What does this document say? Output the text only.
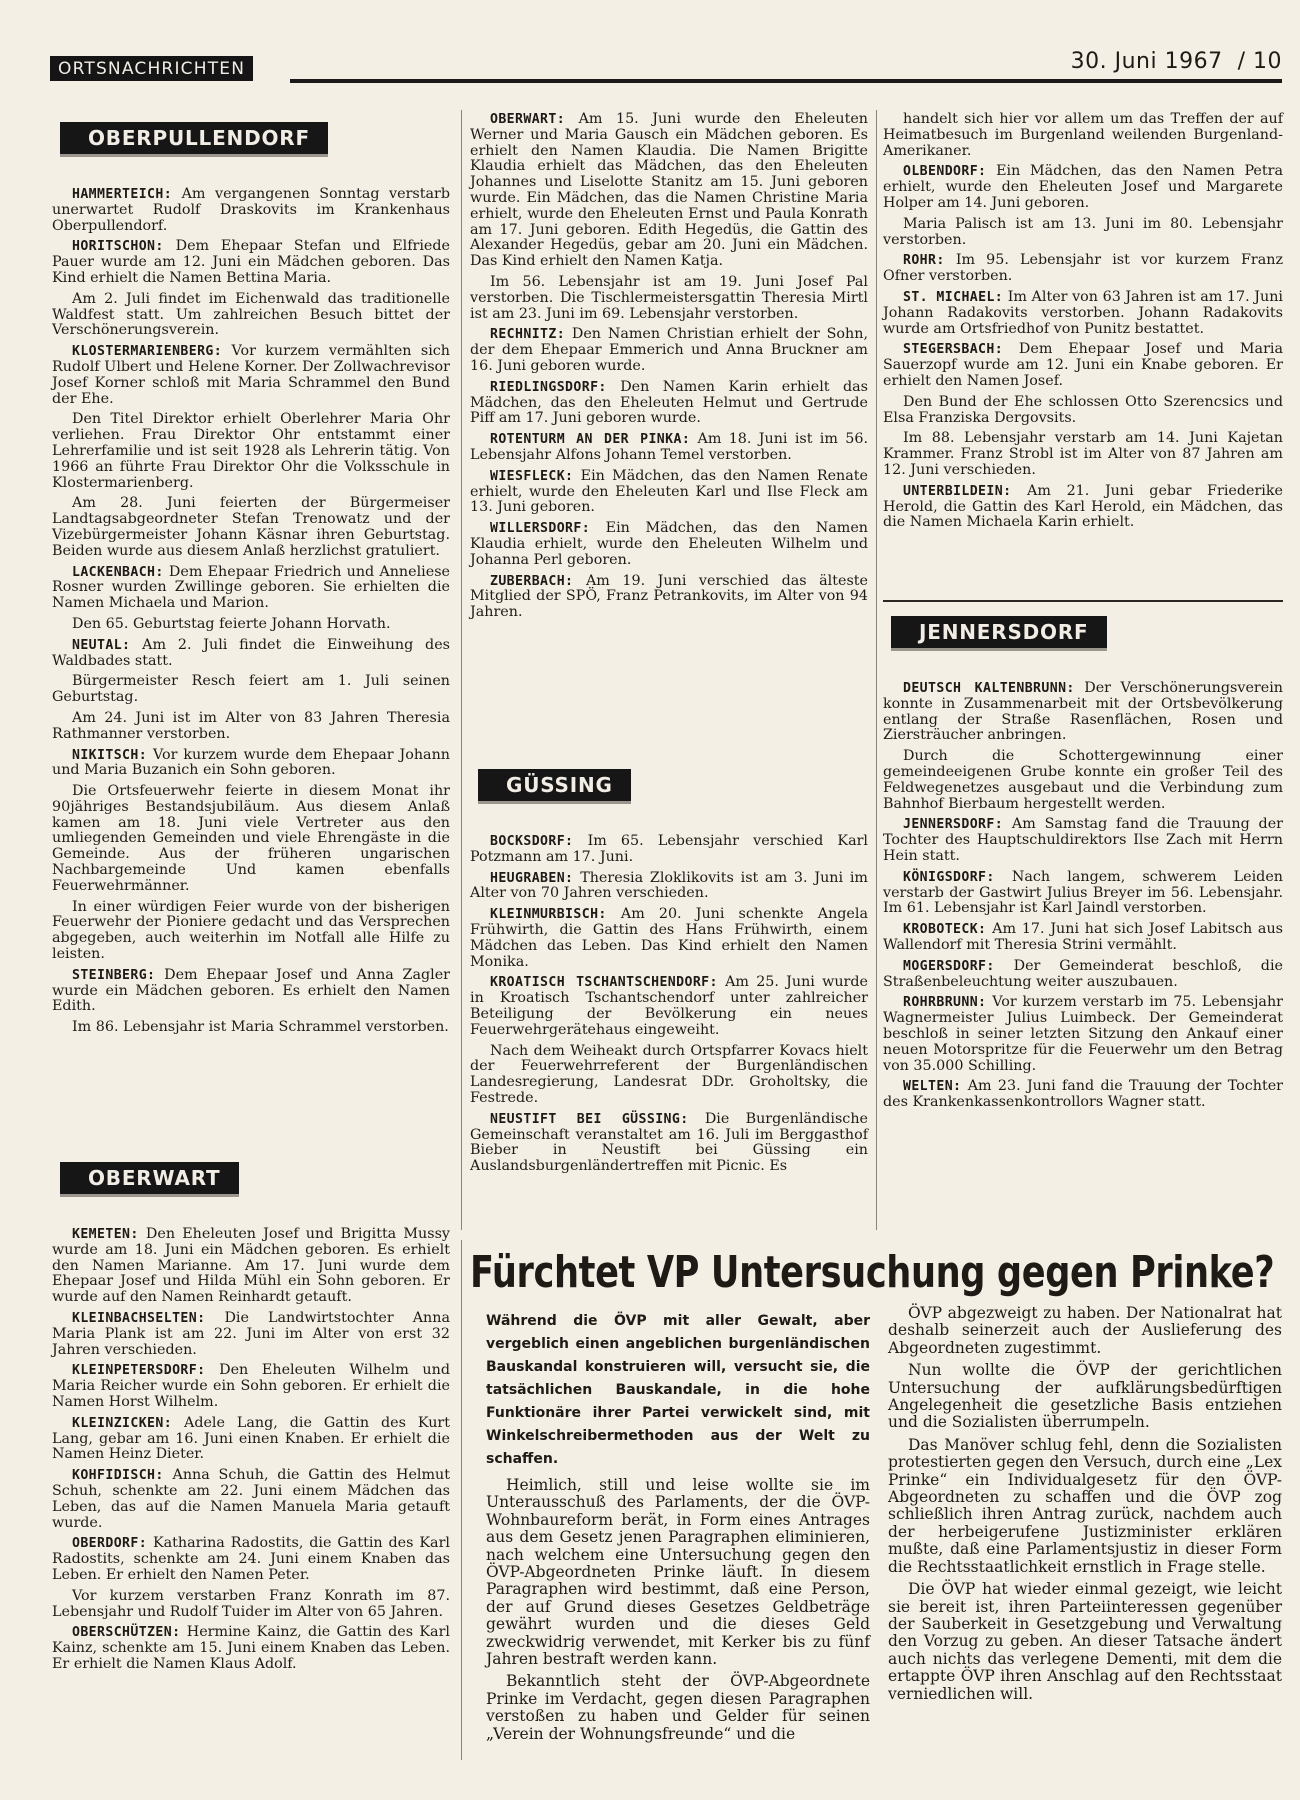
ORTSNACHRICHTEN	30. Juni 1967 / 10
OBERPULLENDORF

HAMMERTEICH: Am vergangenen Sonntag verstarb unerwartet Rudolf Draskovits im Krankenhaus Oberpullendorf.

HORITSCHON: Dem Ehepaar Stefan und Elfriede Pauer wurde am 12. Juni ein Mädchen geboren. Das Kind erhielt die Namen Bettina Maria.

Am 2. Juli findet im Eichenwald das traditionelle Waldfest statt. Um zahlreichen Besuch bittet der Verschönerungsverein.

KLOSTERMARIENBERG: Vor kurzem vermählten sich Rudolf Ulbert und Helene Korner. Der Zollwachrevisor Josef Korner schloß mit Maria Schrammel den Bund der Ehe.

Den Titel Direktor erhielt Oberlehrer Maria Ohr verliehen. Frau Direktor Ohr entstammt einer Lehrerfamilie und ist seit 1928 als Lehrerin tätig. Von 1966 an führte Frau Direktor Ohr die Volksschule in Klostermarienberg.

Am 28. Juni feierten der Bürgermeiser Landtagsabgeordneter Stefan Trenowatz und der Vizebürgermeister Johann Käsnar ihren Geburtstag. Beiden wurde aus diesem Anlaß herzlichst gratuliert.

LACKENBACH: Dem Ehepaar Friedrich und Anneliese Rosner wurden Zwillinge geboren. Sie erhielten die Namen Michaela und Marion.

Den 65. Geburtstag feierte Johann Horvath.

NEUTAL: Am 2. Juli findet die Einweihung des Waldbades statt.

Bürgermeister Resch feiert am 1. Juli seinen Geburtstag.

Am 24. Juni ist im Alter von 83 Jahren Theresia Rathmanner verstorben.

NIKITSCH: Vor kurzem wurde dem Ehepaar Johann und Maria Buzanich ein Sohn geboren.

Die Ortsfeuerwehr feierte in diesem Monat ihr 90jähriges Bestandsjubiläum. Aus diesem Anlaß kamen am 18. Juni viele Vertreter aus den umliegenden Gemeinden und viele Ehrengäste in die Gemeinde. Aus der früheren ungarischen Nachbargemeinde Und kamen ebenfalls Feuerwehrmänner.

In einer würdigen Feier wurde von der bisherigen Feuerwehr der Pioniere gedacht und das Versprechen abgegeben, auch weiterhin im Notfall alle Hilfe zu leisten.

STEINBERG: Dem Ehepaar Josef und Anna Zagler wurde ein Mädchen geboren. Es erhielt den Namen Edith.

Im 86. Lebensjahr ist Maria Schrammel verstorben.

OBERWART

KEMETEN: Den Eheleuten Josef und Brigitta Mussy wurde am 18. Juni ein Mädchen geboren. Es erhielt den Namen Marianne. Am 17. Juni wurde dem Ehepaar Josef und Hilda Mühl ein Sohn geboren. Er wurde auf den Namen Reinhardt getauft.

KLEINBACHSELTEN: Die Landwirtstochter Anna Maria Plank ist am 22. Juni im Alter von erst 32 Jahren verschieden.

KLEINPETERSDORF: Den Eheleuten Wilhelm und Maria Reicher wurde ein Sohn geboren. Er erhielt die Namen Horst Wilhelm.

KLEINZICKEN: Adele Lang, die Gattin des Kurt Lang, gebar am 16. Juni einen Knaben. Er erhielt die Namen Heinz Dieter.

KOHFIDISCH: Anna Schuh, die Gattin des Helmut Schuh, schenkte am 22. Juni einem Mädchen das Leben, das auf die Namen Manuela Maria getauft wurde.

OBERDORF: Katharina Radostits, die Gattin des Karl Radostits, schenkte am 24. Juni einem Knaben das Leben. Er erhielt den Namen Peter.

Vor kurzem verstarben Franz Konrath im 87. Lebensjahr und Rudolf Tuider im Alter von 65 Jahren.

OBERSCHÜTZEN: Hermine Kainz, die Gattin des Karl Kainz, schenkte am 15. Juni einem Knaben das Leben. Er erhielt die Namen Klaus Adolf.

OBERWART: Am 15. Juni wurde den Eheleuten Werner und Maria Gausch ein Mädchen geboren. Es erhielt den Namen Klaudia. Die Namen Brigitte Klaudia erhielt das Mädchen, das den Eheleuten Johannes und Liselotte Stanitz am 15. Juni geboren wurde. Ein Mädchen, das die Namen Christine Maria erhielt, wurde den Eheleuten Ernst und Paula Konrath am 17. Juni geboren. Edith Hegedüs, die Gattin des Alexander Hegedüs, gebar am 20. Juni ein Mädchen. Das Kind erhielt den Namen Katja.

Im 56. Lebensjahr ist am 19. Juni Josef Pal verstorben. Die Tischlermeistersgattin Theresia Mirtl ist am 23. Juni im 69. Lebensjahr verstorben.

RECHNITZ: Den Namen Christian erhielt der Sohn, der dem Ehepaar Emmerich und Anna Bruckner am 16. Juni geboren wurde.

RIEDLINGSDORF: Den Namen Karin erhielt das Mädchen, das den Eheleuten Helmut und Gertrude Piff am 17. Juni geboren wurde.

ROTENTURM AN DER PINKA: Am 18. Juni ist im 56. Lebensjahr Alfons Johann Temel verstorben.

WIESFLECK: Ein Mädchen, das den Namen Renate erhielt, wurde den Eheleuten Karl und Ilse Fleck am 13. Juni geboren.

WILLERSDORF: Ein Mädchen, das den Namen Klaudia erhielt, wurde den Eheleuten Wilhelm und Johanna Perl geboren.

ZUBERBACH: Am 19. Juni verschied das älteste Mitglied der SPÖ, Franz Petrankovits, im Alter von 94 Jahren.

GÜSSING

BOCKSDORF: Im 65. Lebensjahr verschied Karl Potzmann am 17. Juni.

HEUGRABEN: Theresia Zloklikovits ist am 3. Juni im Alter von 70 Jahren verschieden.

KLEINMURBISCH: Am 20. Juni schenkte Angela Frühwirth, die Gattin des Hans Frühwirth, einem Mädchen das Leben. Das Kind erhielt den Namen Monika.

KROATISCH TSCHANTSCHENDORF: Am 25. Juni wurde in Kroatisch Tschantschendorf unter zahlreicher Beteiligung der Bevölkerung ein neues Feuerwehrgerätehaus eingeweiht.

Nach dem Weiheakt durch Ortspfarrer Kovacs hielt der Feuerwehrreferent der Burgenländischen Landesregierung, Landesrat DDr. Groholtsky, die Festrede.

NEUSTIFT BEI GÜSSING: Die Burgenländische Gemeinschaft veranstaltet am 16. Juli im Berggasthof Bieber in Neustift bei Güssing ein Auslandsburgenländertreffen mit Picnic. Es

handelt sich hier vor allem um das Treffen der auf Heimatbesuch im Burgenland weilenden Burgenland-Amerikaner.

OLBENDORF: Ein Mädchen, das den Namen Petra erhielt, wurde den Eheleuten Josef und Margarete Holper am 14. Juni geboren.

Maria Palisch ist am 13. Juni im 80. Lebensjahr verstorben.

ROHR: Im 95. Lebensjahr ist vor kurzem Franz Ofner verstorben.

ST. MICHAEL: Im Alter von 63 Jahren ist am 17. Juni Johann Radakovits verstorben. Johann Radakovits wurde am Ortsfriedhof von Punitz bestattet.

STEGERSBACH: Dem Ehepaar Josef und Maria Sauerzopf wurde am 12. Juni ein Knabe geboren. Er erhielt den Namen Josef.

Den Bund der Ehe schlossen Otto Szerencsics und Elsa Franziska Dergovsits.

Im 88. Lebensjahr verstarb am 14. Juni Kajetan Krammer. Franz Strobl ist im Alter von 87 Jahren am 12. Juni verschieden.

UNTERBILDEIN: Am 21. Juni gebar Friederike Herold, die Gattin des Karl Herold, ein Mädchen, das die Namen Michaela Karin erhielt.

JENNERSDORF

DEUTSCH KALTENBRUNN: Der Verschönerungsverein konnte in Zusammenarbeit mit der Ortsbevölkerung entlang der Straße Rasenflächen, Rosen und Ziersträucher anbringen.

Durch die Schottergewinnung einer gemeindeeigenen Grube konnte ein großer Teil des Feldwegenetzes ausgebaut und die Verbindung zum Bahnhof Bierbaum hergestellt werden.

JENNERSDORF: Am Samstag fand die Trauung der Tochter des Hauptschuldirektors Ilse Zach mit Herrn Hein statt.

KÖNIGSDORF: Nach langem, schwerem Leiden verstarb der Gastwirt Julius Breyer im 56. Lebensjahr. Im 61. Lebensjahr ist Karl Jaindl verstorben.

KROBOTECK: Am 17. Juni hat sich Josef Labitsch aus Wallendorf mit Theresia Strini vermählt.

MOGERSDORF: Der Gemeinderat beschloß, die Straßenbeleuchtung weiter auszubauen.

ROHRBRUNN: Vor kurzem verstarb im 75. Lebensjahr Wagnermeister Julius Luimbeck. Der Gemeinderat beschloß in seiner letzten Sitzung den Ankauf einer neuen Motorspritze für die Feuerwehr um den Betrag von 35.000 Schilling.

WELTEN: Am 23. Juni fand die Trauung der Tochter des Krankenkassenkontrollors Wagner statt.

Fürchtet VP Untersuchung gegen Prinke?

Während die ÖVP mit aller Gewalt, aber vergeblich einen angeblichen burgenländischen Bauskandal konstruieren will, versucht sie, die tatsächlichen Bauskandale, in die hohe Funktionäre ihrer Partei verwickelt sind, mit Winkelschreibermethoden aus der Welt zu schaffen.

Heimlich, still und leise wollte sie im Unterausschuß des Parlaments, der die ÖVP-Wohnbaureform berät, in Form eines Antrages aus dem Gesetz jenen Paragraphen eliminieren, nach welchem eine Untersuchung gegen den ÖVP-Abgeordneten Prinke läuft. In diesem Paragraphen wird bestimmt, daß eine Person, der auf Grund dieses Gesetzes Geldbeträge gewährt wurden und die dieses Geld zweckwidrig verwendet, mit Kerker bis zu fünf Jahren bestraft werden kann.

Bekanntlich steht der ÖVP-Abgeordnete Prinke im Verdacht, gegen diesen Paragraphen verstoßen zu haben und Gelder für seinen „Verein der Wohnungsfreunde“ und die

ÖVP abgezweigt zu haben. Der Nationalrat hat deshalb seinerzeit auch der Auslieferung des Abgeordneten zugestimmt.

Nun wollte die ÖVP der gerichtlichen Untersuchung der aufklärungsbedürftigen Angelegenheit die gesetzliche Basis entziehen und die Sozialisten überrumpeln.

Das Manöver schlug fehl, denn die Sozialisten protestierten gegen den Versuch, durch eine „Lex Prinke“ ein Individualgesetz für den ÖVP-Abgeordneten zu schaffen und die ÖVP zog schließlich ihren Antrag zurück, nachdem auch der herbeigerufene Justizminister erklären mußte, daß eine Parlamentsjustiz in dieser Form die Rechtsstaatlichkeit ernstlich in Frage stelle.

Die ÖVP hat wieder einmal gezeigt, wie leicht sie bereit ist, ihren Parteiinteressen gegenüber der Sauberkeit in Gesetzgebung und Verwaltung den Vorzug zu geben. An dieser Tatsache ändert auch nichts das verlegene Dementi, mit dem die ertappte ÖVP ihren Anschlag auf den Rechtsstaat verniedlichen will.
